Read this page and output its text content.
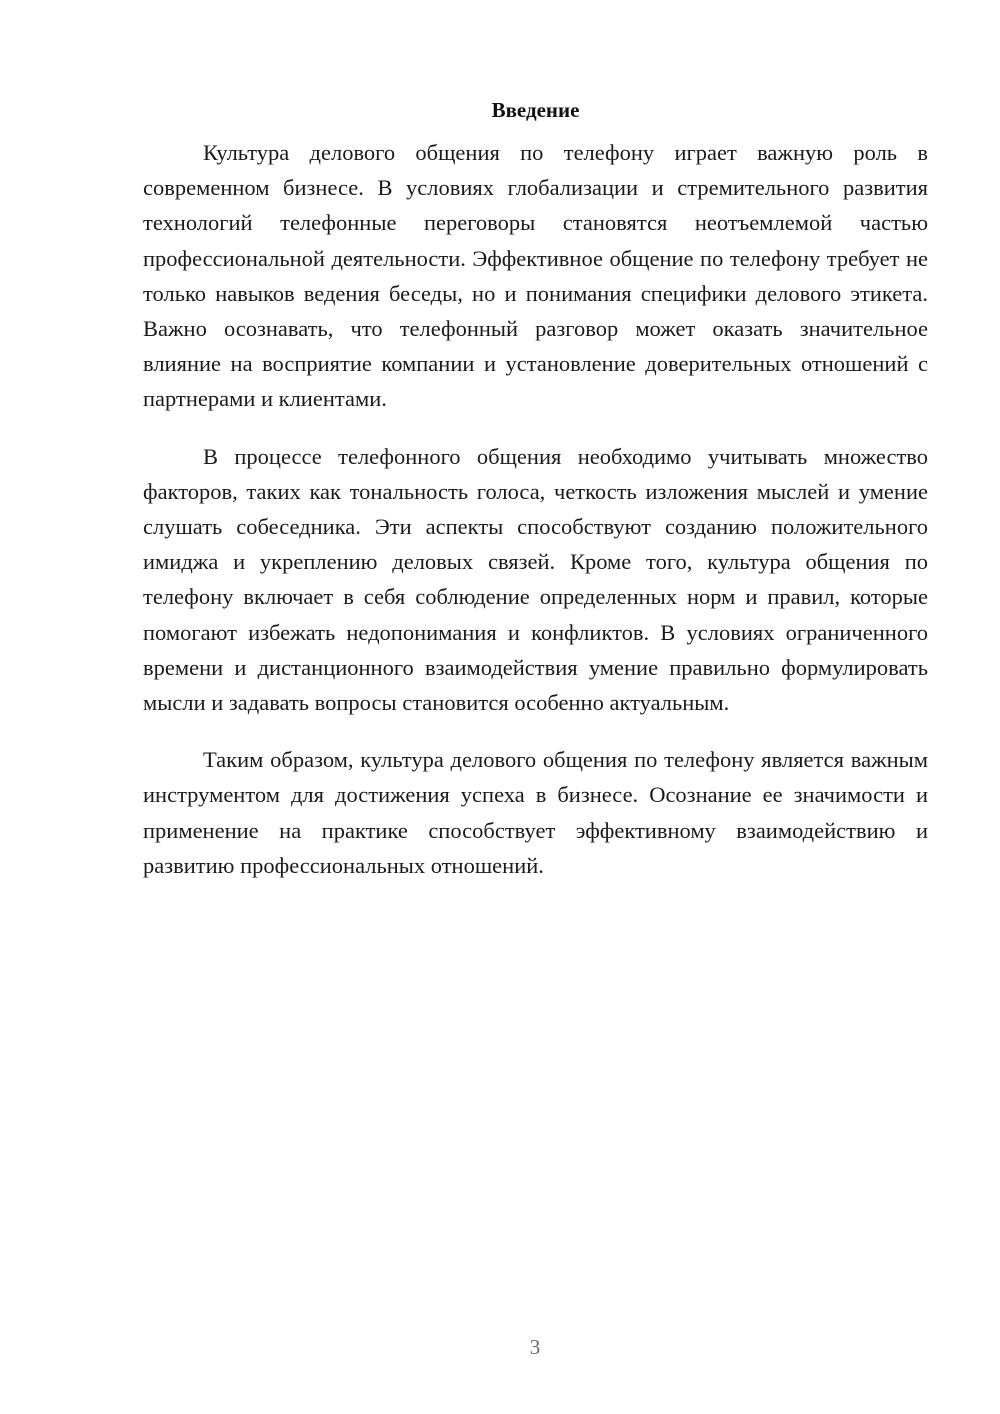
Введение

Культура делового общения по телефону играет важную роль в современном бизнесе. В условиях глобализации и стремительного развития технологий телефонные переговоры становятся неотъемлемой частью профессиональной деятельности. Эффективное общение по телефону требует не только навыков ведения беседы, но и понимания специфики делового этикета. Важно осознавать, что телефонный разговор может оказать значительное влияние на восприятие компании и установление доверительных отношений с партнерами и клиентами.

В процессе телефонного общения необходимо учитывать множество факторов, таких как тональность голоса, четкость изложения мыслей и умение слушать собеседника. Эти аспекты способствуют созданию положительного имиджа и укреплению деловых связей. Кроме того, культура общения по телефону включает в себя соблюдение определенных норм и правил, которые помогают избежать недопонимания и конфликтов. В условиях ограниченного времени и дистанционного взаимодействия умение правильно формулировать мысли и задавать вопросы становится особенно актуальным.

Таким образом, культура делового общения по телефону является важным инструментом для достижения успеха в бизнесе. Осознание ее значимости и применение на практике способствует эффективному взаимодействию и развитию профессиональных отношений.

3
